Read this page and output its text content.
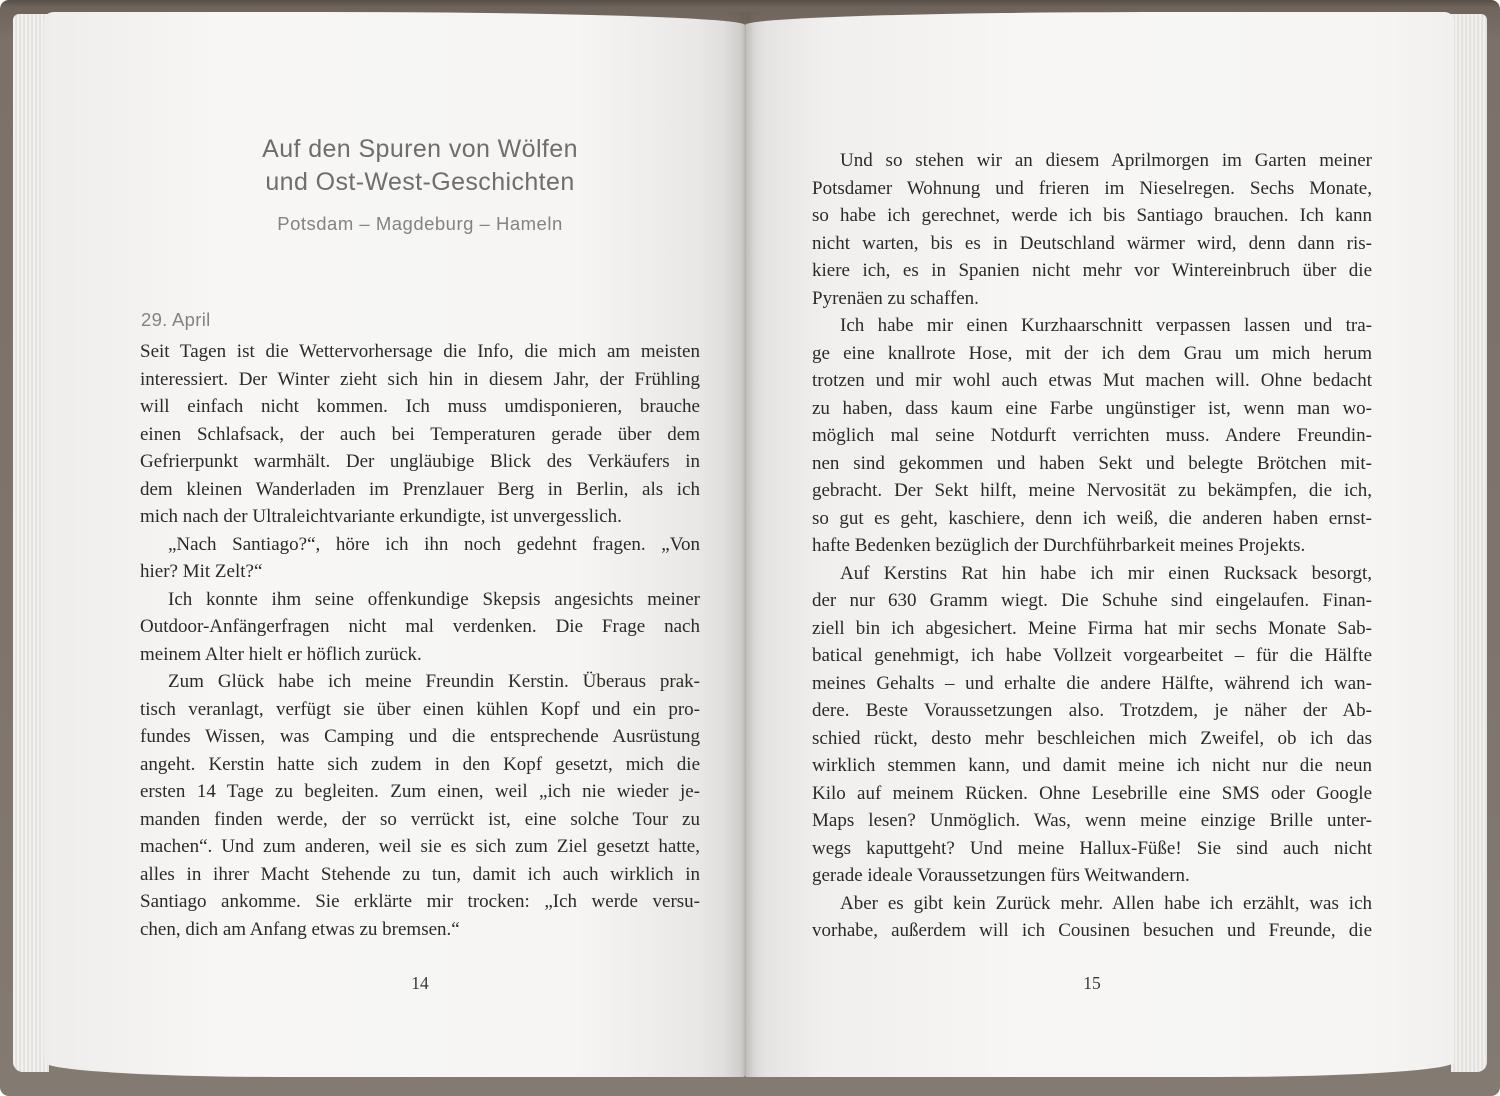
Auf den Spuren von Wölfen
und Ost-West-Geschichten
Potsdam – Magdeburg – Hameln
29. April
Seit Tagen ist die Wettervorhersage die Info, die mich am meisten
interessiert. Der Winter zieht sich hin in diesem Jahr, der Frühling
will einfach nicht kommen. Ich muss umdisponieren, brauche
einen Schlafsack, der auch bei Temperaturen gerade über dem
Gefrierpunkt warmhält. Der ungläubige Blick des Verkäufers in
dem kleinen Wanderladen im Prenzlauer Berg in Berlin, als ich
mich nach der Ultraleichtvariante erkundigte, ist unvergesslich.
„Nach Santiago?“, höre ich ihn noch gedehnt fragen. „Von
hier? Mit Zelt?“
Ich konnte ihm seine offenkundige Skepsis angesichts meiner
Outdoor-Anfängerfragen nicht mal verdenken. Die Frage nach
meinem Alter hielt er höflich zurück.
Zum Glück habe ich meine Freundin Kerstin. Überaus prak-
tisch veranlagt, verfügt sie über einen kühlen Kopf und ein pro-
fundes Wissen, was Camping und die entsprechende Ausrüstung
angeht. Kerstin hatte sich zudem in den Kopf gesetzt, mich die
ersten 14 Tage zu begleiten. Zum einen, weil „ich nie wieder je-
manden finden werde, der so verrückt ist, eine solche Tour zu
machen“. Und zum anderen, weil sie es sich zum Ziel gesetzt hatte,
alles in ihrer Macht Stehende zu tun, damit ich auch wirklich in
Santiago ankomme. Sie erklärte mir trocken: „Ich werde versu-
chen, dich am Anfang etwas zu bremsen.“
Und so stehen wir an diesem Aprilmorgen im Garten meiner
Potsdamer Wohnung und frieren im Nieselregen. Sechs Monate,
so habe ich gerechnet, werde ich bis Santiago brauchen. Ich kann
nicht warten, bis es in Deutschland wärmer wird, denn dann ris-
kiere ich, es in Spanien nicht mehr vor Wintereinbruch über die
Pyrenäen zu schaffen.
Ich habe mir einen Kurzhaarschnitt verpassen lassen und tra-
ge eine knallrote Hose, mit der ich dem Grau um mich herum
trotzen und mir wohl auch etwas Mut machen will. Ohne bedacht
zu haben, dass kaum eine Farbe ungünstiger ist, wenn man wo-
möglich mal seine Notdurft verrichten muss. Andere Freundin-
nen sind gekommen und haben Sekt und belegte Brötchen mit-
gebracht. Der Sekt hilft, meine Nervosität zu bekämpfen, die ich,
so gut es geht, kaschiere, denn ich weiß, die anderen haben ernst-
hafte Bedenken bezüglich der Durchführbarkeit meines Projekts.
Auf Kerstins Rat hin habe ich mir einen Rucksack besorgt,
der nur 630 Gramm wiegt. Die Schuhe sind eingelaufen. Finan-
ziell bin ich abgesichert. Meine Firma hat mir sechs Monate Sab-
batical genehmigt, ich habe Vollzeit vorgearbeitet – für die Hälfte
meines Gehalts – und erhalte die andere Hälfte, während ich wan-
dere. Beste Voraussetzungen also. Trotzdem, je näher der Ab-
schied rückt, desto mehr beschleichen mich Zweifel, ob ich das
wirklich stemmen kann, und damit meine ich nicht nur die neun
Kilo auf meinem Rücken. Ohne Lesebrille eine SMS oder Google
Maps lesen? Unmöglich. Was, wenn meine einzige Brille unter-
wegs kaputtgeht? Und meine Hallux-Füße! Sie sind auch nicht
gerade ideale Voraussetzungen fürs Weitwandern.
Aber es gibt kein Zurück mehr. Allen habe ich erzählt, was ich
vorhabe, außerdem will ich Cousinen besuchen und Freunde, die
14	15
